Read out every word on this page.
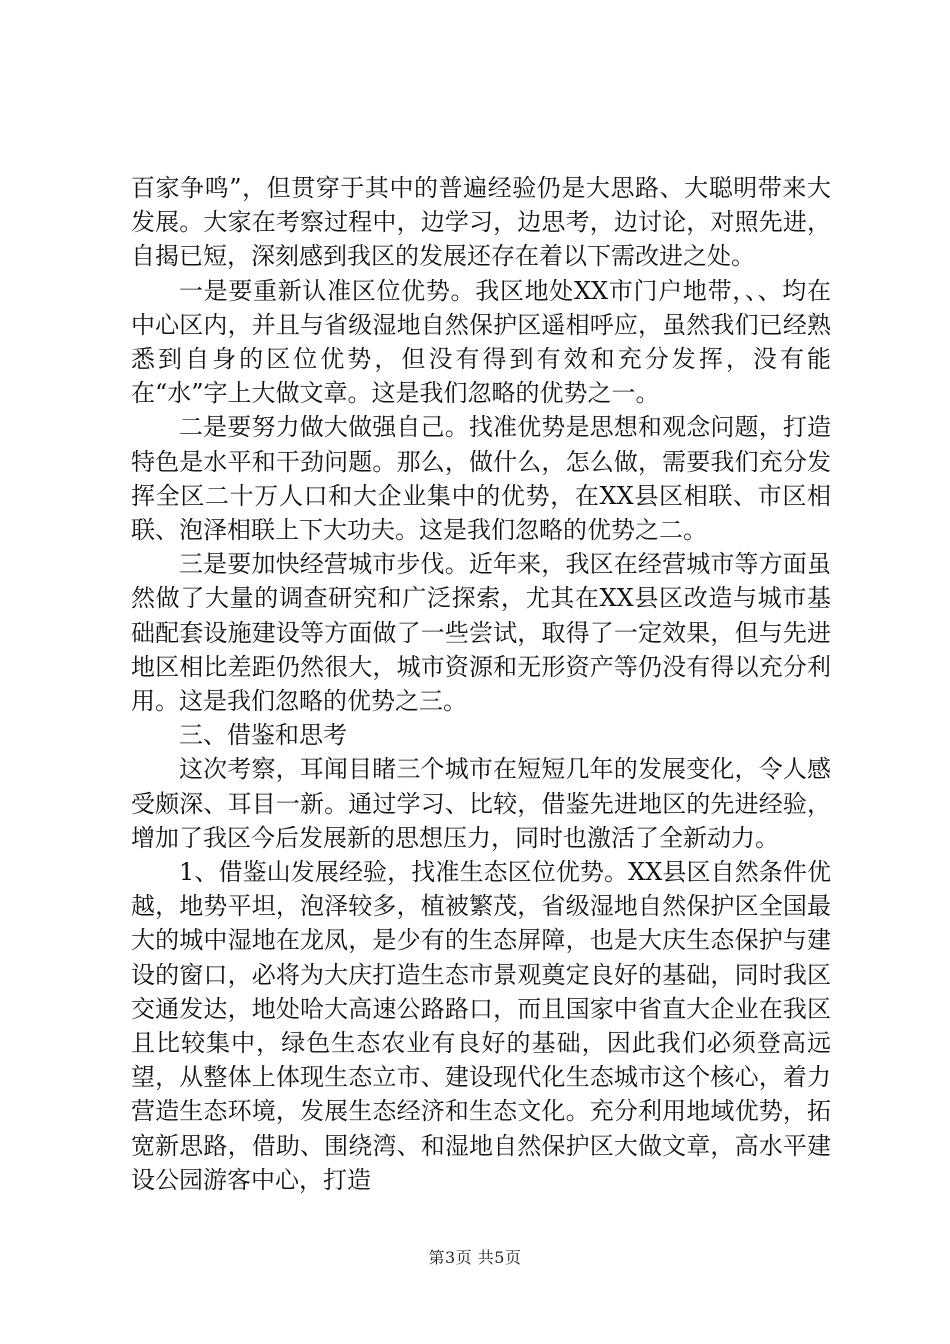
百家争鸣”，但贯穿于其中的普遍经验仍是大思路、大聪明带来大发展。大家在考察过程中，边学习，边思考，边讨论，对照先进，自揭已短，深刻感到我区的发展还存在着以下需改进之处。

一是要重新认准区位优势。我区地处XX市门户地带，、、均在中心区内，并且与省级湿地自然保护区遥相呼应，虽然我们已经熟悉到自身的区位优势，但没有得到有效和充分发挥，没有能在“水”字上大做文章。这是我们忽略的优势之一。

二是要努力做大做强自己。找准优势是思想和观念问题，打造特色是水平和干劲问题。那么，做什么，怎么做，需要我们充分发挥全区二十万人口和大企业集中的优势，在XX县区相联、市区相联、泡泽相联上下大功夫。这是我们忽略的优势之二。

三是要加快经营城市步伐。近年来，我区在经营城市等方面虽然做了大量的调查研究和广泛探索，尤其在XX县区改造与城市基础配套设施建设等方面做了一些尝试，取得了一定效果，但与先进地区相比差距仍然很大，城市资源和无形资产等仍没有得以充分利用。这是我们忽略的优势之三。

三、借鉴和思考

这次考察，耳闻目睹三个城市在短短几年的发展变化，令人感受颇深、耳目一新。通过学习、比较，借鉴先进地区的先进经验，增加了我区今后发展新的思想压力，同时也激活了全新动力。

1、借鉴山发展经验，找准生态区位优势。XX县区自然条件优越，地势平坦，泡泽较多，植被繁茂，省级湿地自然保护区全国最大的城中湿地在龙凤，是少有的生态屏障，也是大庆生态保护与建设的窗口，必将为大庆打造生态市景观奠定良好的基础，同时我区交通发达，地处哈大高速公路路口，而且国家中省直大企业在我区且比较集中，绿色生态农业有良好的基础，因此我们必须登高远望，从整体上体现生态立市、建设现代化生态城市这个核心，着力营造生态环境，发展生态经济和生态文化。充分利用地域优势，拓宽新思路，借助、围绕湾、和湿地自然保护区大做文章，高水平建设公园游客中心，打造

第3页 共5页
